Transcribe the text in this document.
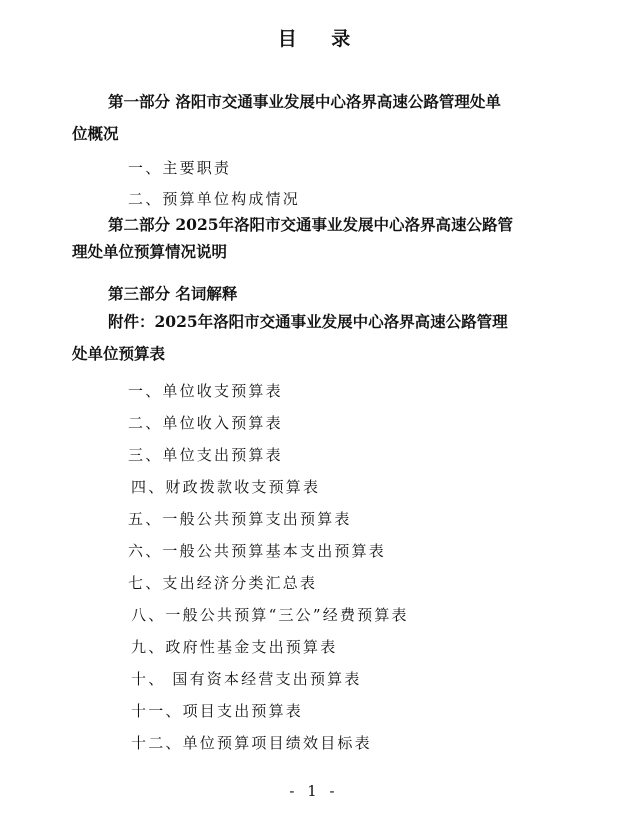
目 录
第一部分 洛阳市交通事业发展中心洛界高速公路管理处单
位概况
一、主要职责
二、预算单位构成情况
第二部分 2025年洛阳市交通事业发展中心洛界高速公路管
理处单位预算情况说明
第三部分 名词解释
附件：2025年洛阳市交通事业发展中心洛界高速公路管理
处单位预算表
一、单位收支预算表
二、单位收入预算表
三、单位支出预算表
四、财政拨款收支预算表
五、一般公共预算支出预算表
六、一般公共预算基本支出预算表
七、支出经济分类汇总表
八、一般公共预算“三公”经费预算表
九、政府性基金支出预算表
十、 国有资本经营支出预算表
十一、项目支出预算表
十二、单位预算项目绩效目标表
- 1 -
